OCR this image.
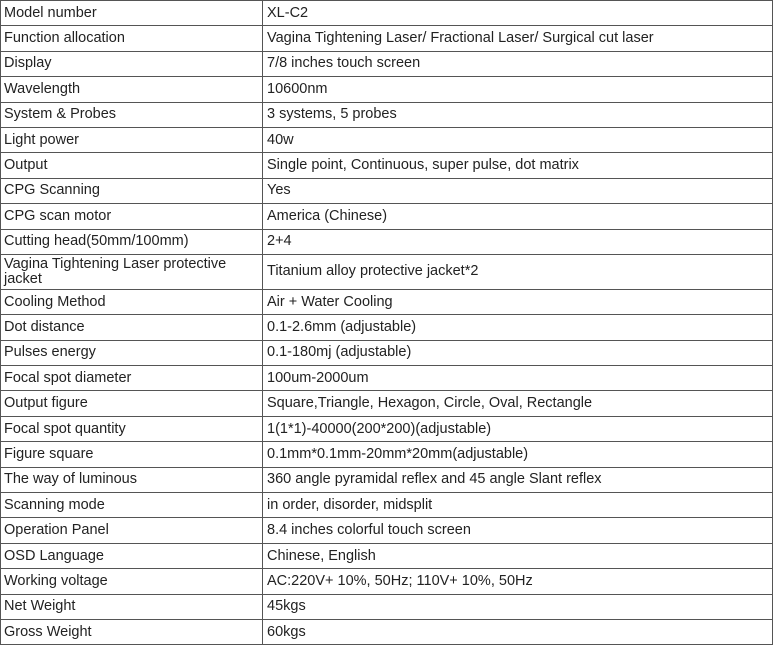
Model number	XL-C2
Function allocation	Vagina Tightening Laser/ Fractional Laser/ Surgical cut laser
Display	7/8 inches touch screen
Wavelength	10600nm
System & Probes	3 systems, 5 probes
Light power	40w
Output	Single point, Continuous, super pulse, dot matrix
CPG Scanning	Yes
CPG scan motor	America (Chinese)
Cutting head(50mm/100mm)	2+4
Vagina Tightening Laser protective jacket	Titanium alloy protective jacket*2
Cooling Method	Air + Water Cooling
Dot distance	0.1-2.6mm (adjustable)
Pulses energy	0.1-180mj (adjustable)
Focal spot diameter	100um-2000um
Output figure	Square,Triangle, Hexagon, Circle, Oval, Rectangle
Focal spot quantity	1(1*1)-40000(200*200)(adjustable)
Figure square	0.1mm*0.1mm-20mm*20mm(adjustable)
The way of luminous	360 angle pyramidal reflex and 45 angle Slant reflex
Scanning mode	in order, disorder, midsplit
Operation Panel	8.4 inches colorful touch screen
OSD Language	Chinese, English
Working voltage	AC:220V+ 10%, 50Hz; 110V+ 10%, 50Hz
Net Weight	45kgs
Gross Weight	60kgs
